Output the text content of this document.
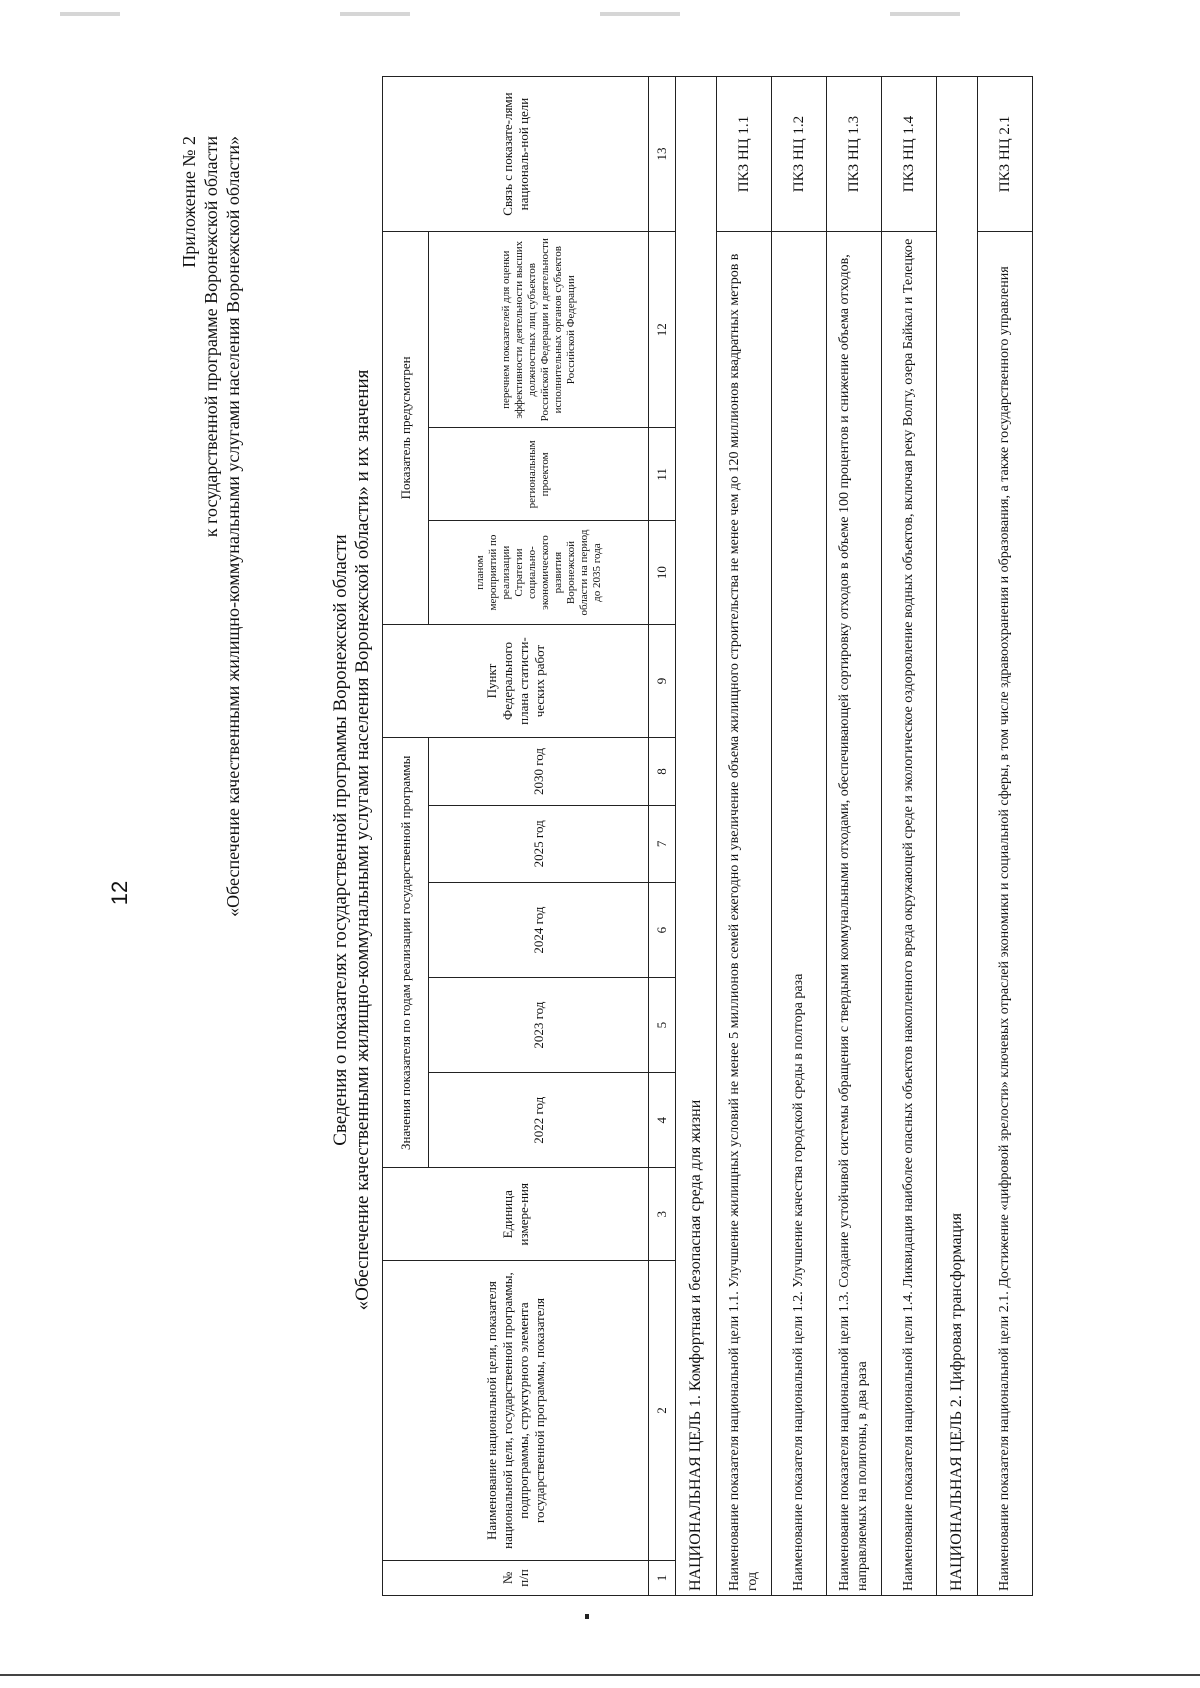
12
Приложение № 2 к государственной программе Воронежской области «Обеспечение качественными жилищно-коммунальными услугами населения Воронежской области»	Сведения о показателях государственной программы Воронежской области «Обеспечение качественными жилищно-коммунальными услугами населения Воронежской области» и их значения
№ п/п	Наименование национальной цели, показателя национальной цели, государственной программы, подпрограммы, структурного элемента государственной программы, показателя	Единица измере-ния	Значения показателя по годам реализации государственной программы					Пункт Федерального плана статисти-ческих работ	Показатель предусмотрен			Связь с показате-лями националь-ной цели
			2022 год	2023 год	2024 год	2025 год	2030 год		планом мероприятий по реализации Стратегии социально-экономического развития Воронежской области на период до 2035 года	региональным проектом	перечнем показателей для оценки эффективности деятельности высших должностных лиц субъектов Российской Федерации и деятельности исполнительных органов субъектов Российской Федерации	
1	2	3	4	5	6	7	8	9	10	11	12	13
НАЦИОНАЛЬНАЯ ЦЕЛЬ 1. Комфортная и безопасная среда для жизни												
Наименование показателя национальной цели 1.1. Улучшение жилищных условий не менее 5 миллионов семей ежегодно и увеличение объема жилищного строительства не менее чем до 120 миллионов квадратных метров в год												ПКЗ НЦ 1.1
Наименование показателя национальной цели 1.2. Улучшение качества городской среды в полтора раза												ПКЗ НЦ 1.2
Наименование показателя национальной цели 1.3. Создание устойчивой системы обращения с твердыми коммунальными отходами, обеспечивающей сортировку отходов в объеме 100 процентов и снижение объема отходов, направляемых на полигоны, в два раза												ПКЗ НЦ 1.3
Наименование показателя национальной цели 1.4. Ликвидация наиболее опасных объектов накопленного вреда окружающей среде и экологическое оздоровление водных объектов, включая реку Волгу, озера Байкал и Телецкое												ПКЗ НЦ 1.4
НАЦИОНАЛЬНАЯ ЦЕЛЬ 2. Цифровая трансформация												
Наименование показателя национальной цели 2.1. Достижение «цифровой зрелости» ключевых отраслей экономики и социальной сферы, в том числе здравоохранения и образования, а также государственного управления												ПКЗ НЦ 2.1
